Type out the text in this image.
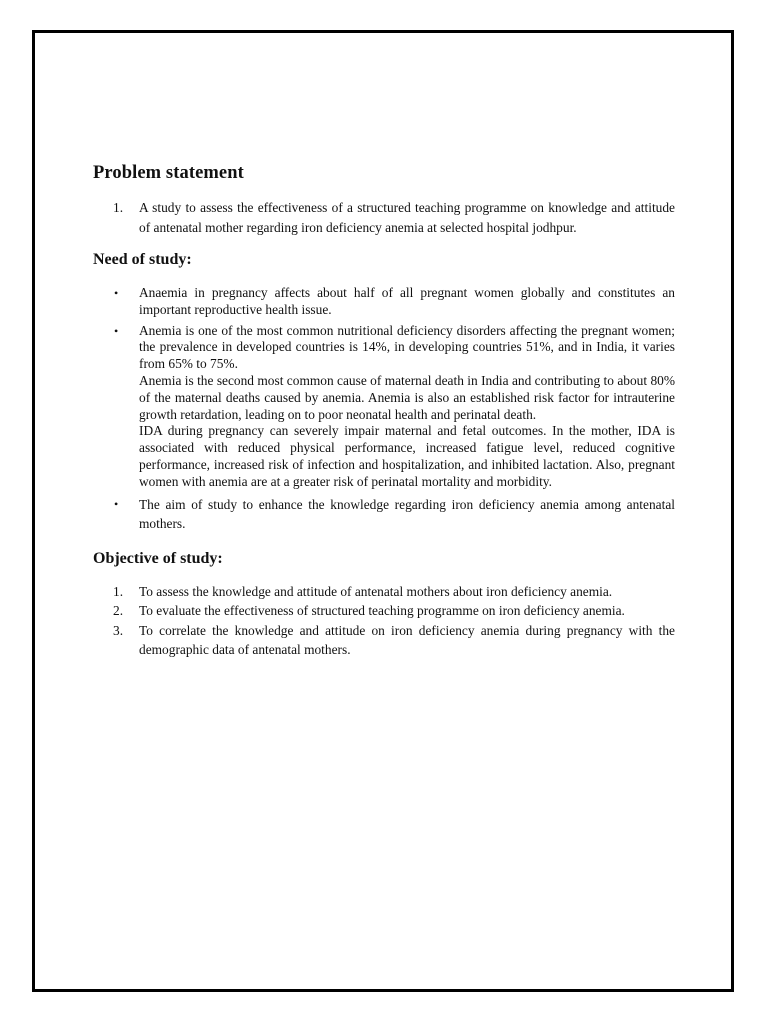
Problem statement
1. A study to assess the effectiveness of a structured teaching programme on knowledge and attitude of antenatal mother regarding iron deficiency anemia at selected hospital jodhpur.
Need of study:
• Anaemia in pregnancy affects about half of all pregnant women globally and constitutes an important reproductive health issue.

• Anemia is one of the most common nutritional deficiency disorders affecting the pregnant women; the prevalence in developed countries is 14%, in developing countries 51%, and in India, it varies from 65% to 75%.

Anemia is the second most common cause of maternal death in India and contributing to about 80% of the maternal deaths caused by anemia. Anemia is also an established risk factor for intrauterine growth retardation, leading on to poor neonatal health and perinatal death.

IDA during pregnancy can severely impair maternal and fetal outcomes. In the mother, IDA is associated with reduced physical performance, increased fatigue level, reduced cognitive performance, increased risk of infection and hospitalization, and inhibited lactation. Also, pregnant women with anemia are at a greater risk of perinatal mortality and morbidity.

• The aim of study to enhance the knowledge regarding iron deficiency anemia among antenatal mothers.

Objective of study:
1. To assess the knowledge and attitude of antenatal mothers about iron deficiency anemia.
2. To evaluate the effectiveness of structured teaching programme on iron deficiency anemia.
3. To correlate the knowledge and attitude on iron deficiency anemia during pregnancy with the demographic data of antenatal mothers.
